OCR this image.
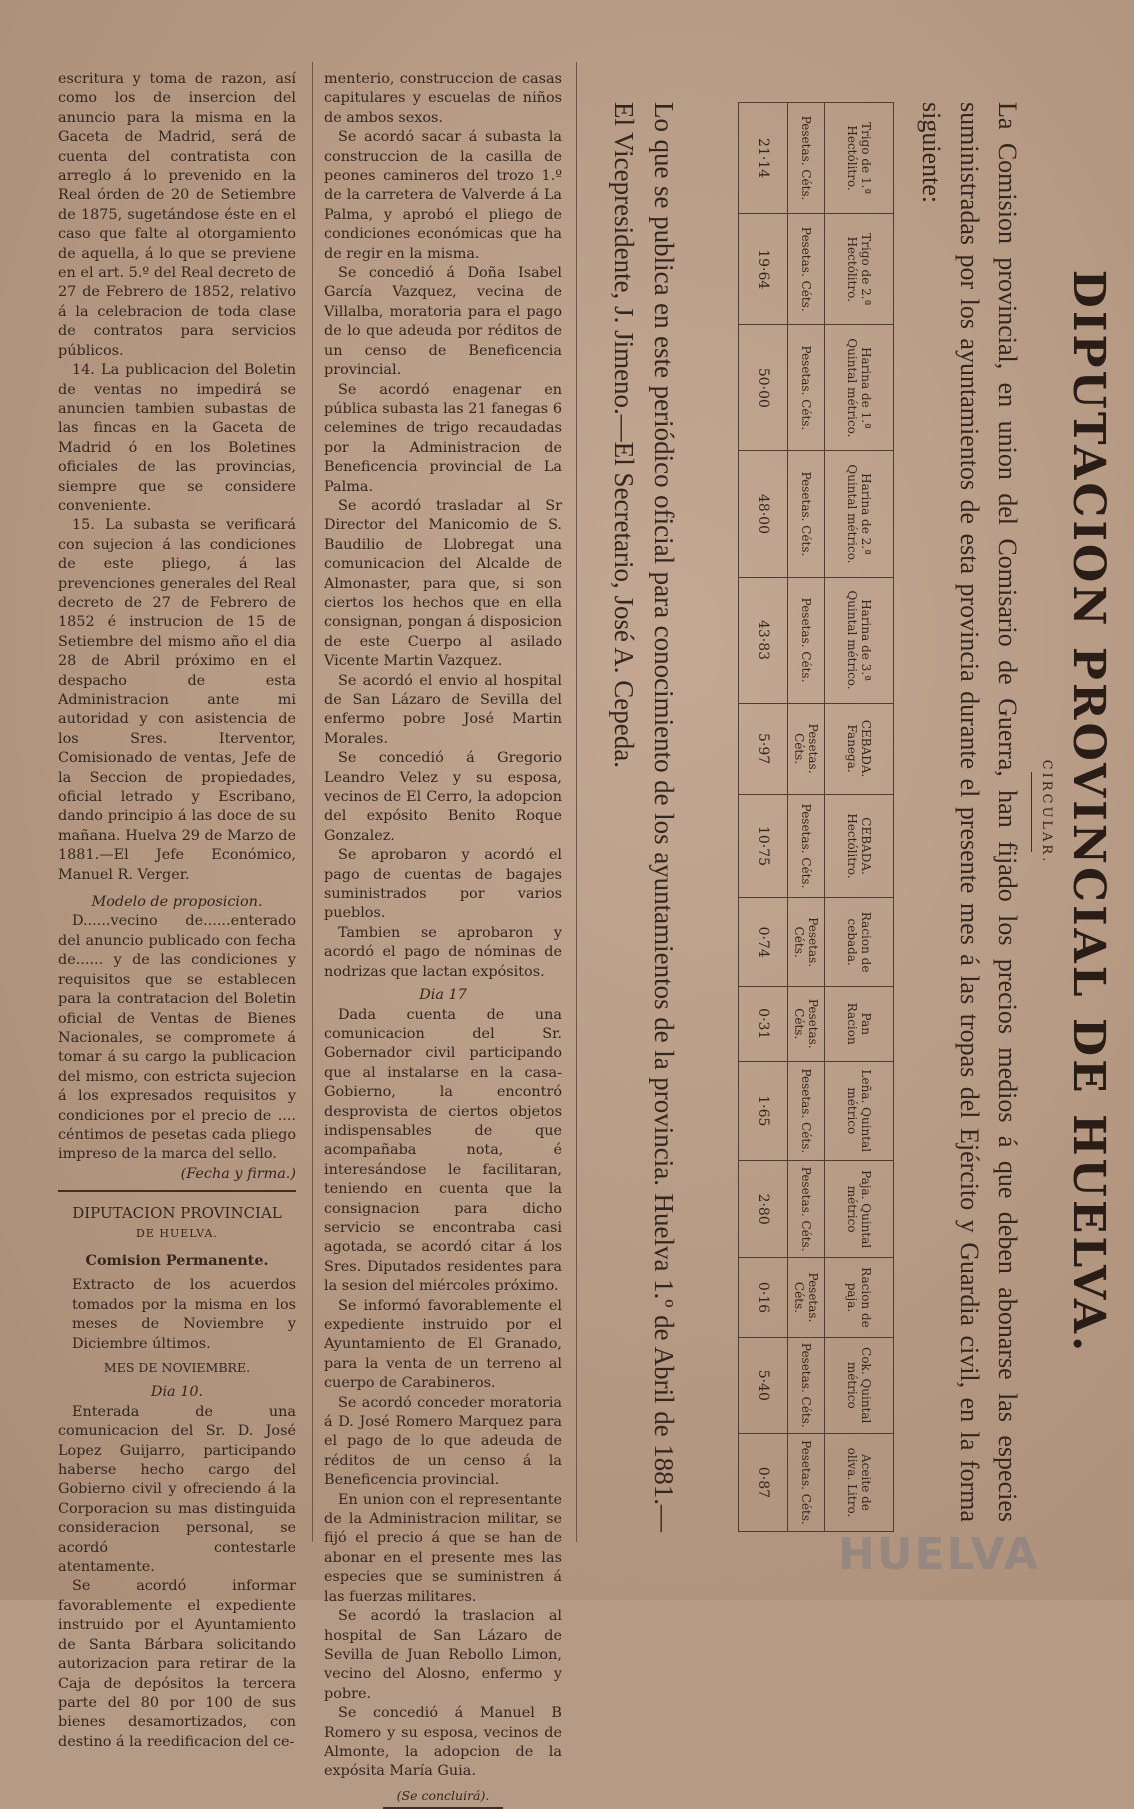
escritura y toma de razon, así como los de insercion del anuncio para la misma en la Gaceta de Madrid, será de cuenta del contratista con arreglo á lo prevenido en la Real órden de 20 de Setiembre de 1875, sugetándose éste en el caso que falte al otorgamiento de aquella, á lo que se previene en el art. 5.º del Real decreto de 27 de Febrero de 1852, relativo á la celebracion de toda clase de contratos para servicios públicos.

14. La publicacion del Boletin de ventas no impedirá se anuncien tambien subastas de las fincas en la Gaceta de Madrid ó en los Boletines oficiales de las provincias, siempre que se considere conveniente.

15. La subasta se verificará con sujecion á las condiciones de este pliego, á las prevenciones generales del Real decreto de 27 de Febrero de 1852 é instrucion de 15 de Setiembre del mismo año el dia 28 de Abril próximo en el despacho de esta Administracion ante mi autoridad y con asistencia de los Sres. Iterventor, Comisionado de ventas, Jefe de la Seccion de propiedades, oficial letrado y Escribano, dando principio á las doce de su mañana. Huelva 29 de Marzo de 1881.—El Jefe Económico, Manuel R. Verger.

Modelo de proposicion.

D......vecino de......enterado del anuncio publicado con fecha de...... y de las condiciones y requisitos que se establecen para la contratacion del Boletin oficial de Ventas de Bienes Nacionales, se compromete á tomar á su cargo la publicacion del mismo, con estricta sujecion á los expresados requisitos y condiciones por el precio de .... céntimos de pesetas cada pliego impreso de la marca del sello.

(Fecha y firma.)

DIPUTACION PROVINCIAL

DE HUELVA.

Comision Permanente.

Extracto de los acuerdos tomados por la misma en los meses de Noviembre y Diciembre últimos.

MES DE NOVIEMBRE.

Dia 10.

Enterada de una comunicacion del Sr. D. José Lopez Guijarro, participando haberse hecho cargo del Gobierno civil y ofreciendo á la Corporacion su mas distinguida consideracion personal, se acordó contestarle atentamente.

Se acordó informar favorablemente el expediente instruido por el Ayuntamiento de Santa Bárbara solicitando autorizacion para retirar de la Caja de depósitos la tercera parte del 80 por 100 de sus bienes desamortizados, con destino á la reedificacion del ce-

menterio, construccion de casas capitulares y escuelas de niños de ambos sexos.

Se acordó sacar á subasta la construccion de la casilla de peones camineros del trozo 1.º de la carretera de Valverde á La Palma, y aprobó el pliego de condiciones económicas que ha de regir en la misma.

Se concedió á Doña Isabel García Vazquez, vecina de Villalba, moratoria para el pago de lo que adeuda por réditos de un censo de Beneficencia provincial.

Se acordó enagenar en pública subasta las 21 fanegas 6 celemines de trigo recaudadas por la Administracion de Beneficencia provincial de La Palma.

Se acordó trasladar al Sr Director del Manicomio de S. Baudilio de Llobregat una comunicacion del Alcalde de Almonaster, para que, si son ciertos los hechos que en ella consignan, pongan á disposicion de este Cuerpo al asilado Vicente Martin Vazquez.

Se acordó el envio al hospital de San Lázaro de Sevilla del enfermo pobre José Martin Morales.

Se concedió á Gregorio Leandro Velez y su esposa, vecinos de El Cerro, la adopcion del expósito Benito Roque Gonzalez.

Se aprobaron y acordó el pago de cuentas de bagajes suministrados por varios pueblos.

Tambien se aprobaron y acordó el pago de nóminas de nodrizas que lactan expósitos.

Dia 17

Dada cuenta de una comunicacion del Sr. Gobernador civil participando que al instalarse en la casa-Gobierno, la encontró desprovista de ciertos objetos indispensables de que acompañaba nota, é interesándose le facilitaran, teniendo en cuenta que la consignacion para dicho servicio se encontraba casi agotada, se acordó citar á los Sres. Diputados residentes para la sesion del miércoles próximo.

Se informó favorablemente el expediente instruido por el Ayuntamiento de El Granado, para la venta de un terreno al cuerpo de Carabineros.

Se acordó conceder moratoria á D. José Romero Marquez para el pago de lo que adeuda de réditos de un censo á la Beneficencia provincial.

En union con el representante de la Administracion militar, se fijó el precio á que se han de abonar en el presente mes las especies que se suministren á las fuerzas militares.

Se acordó la traslacion al hospital de San Lázaro de Sevilla de Juan Rebollo Limon, vecino del Alosno, enfermo y pobre.

Se concedió á Manuel B Romero y su esposa, vecinos de Almonte, la adopcion de la expósita María Guia.

(Se concluirá).

DIPUTACION PROVINCIAL DE HUELVA.
CIRCULAR.
La Comision provincial, en union del Comisario de Guerra, han fijado los precios medios á que deben abonarse las especies suministradas por los ayuntamientos de esta provincia durante el presente mes á las tropas del Ejército y Guardia civil, en la forma siguiente:
Trigo de 1.ª Hectólitro.	Trigo de 2.ª Hectólitro.	Harina de 1.ª Quintal métrico.	Harina de 2.ª Quintal métrico.	Harina de 3.ª Quintal métrico.	CEBADA. Fanega.	CEBADA. Hectólitro.	Racion de cebada.	Pan Racion	Leña. Quintal métrico	Paja. Quintal métrico	Racion de paja.	Cok. Quintal métrico	Aceite de oliva. Litro.
Pesetas. Céts.	Pesetas. Céts.	Pesetas. Céts.	Pesetas. Céts.	Pesetas. Céts.	Pesetas. Céts.	Pesetas. Céts.	Pesetas. Céts.	Pesetas. Céts.	Pesetas. Céts.	Pesetas. Céts.	Pesetas. Céts.	Pesetas. Céts.	Pesetas. Céts.
21·14	19·64	50·00	48·00	43·83	5·97	10·75	0·74	0·31	1·65	2·80	0·16	5·40	0·87
Lo que se publica en este periódico oficial para conocimiento de los ayuntamientos de la provincia. Huelva 1.º de Abril de 1881.—El Vicepresidente, J. Jimeno.—El Secretario, José A. Cepeda.
HUELVA
